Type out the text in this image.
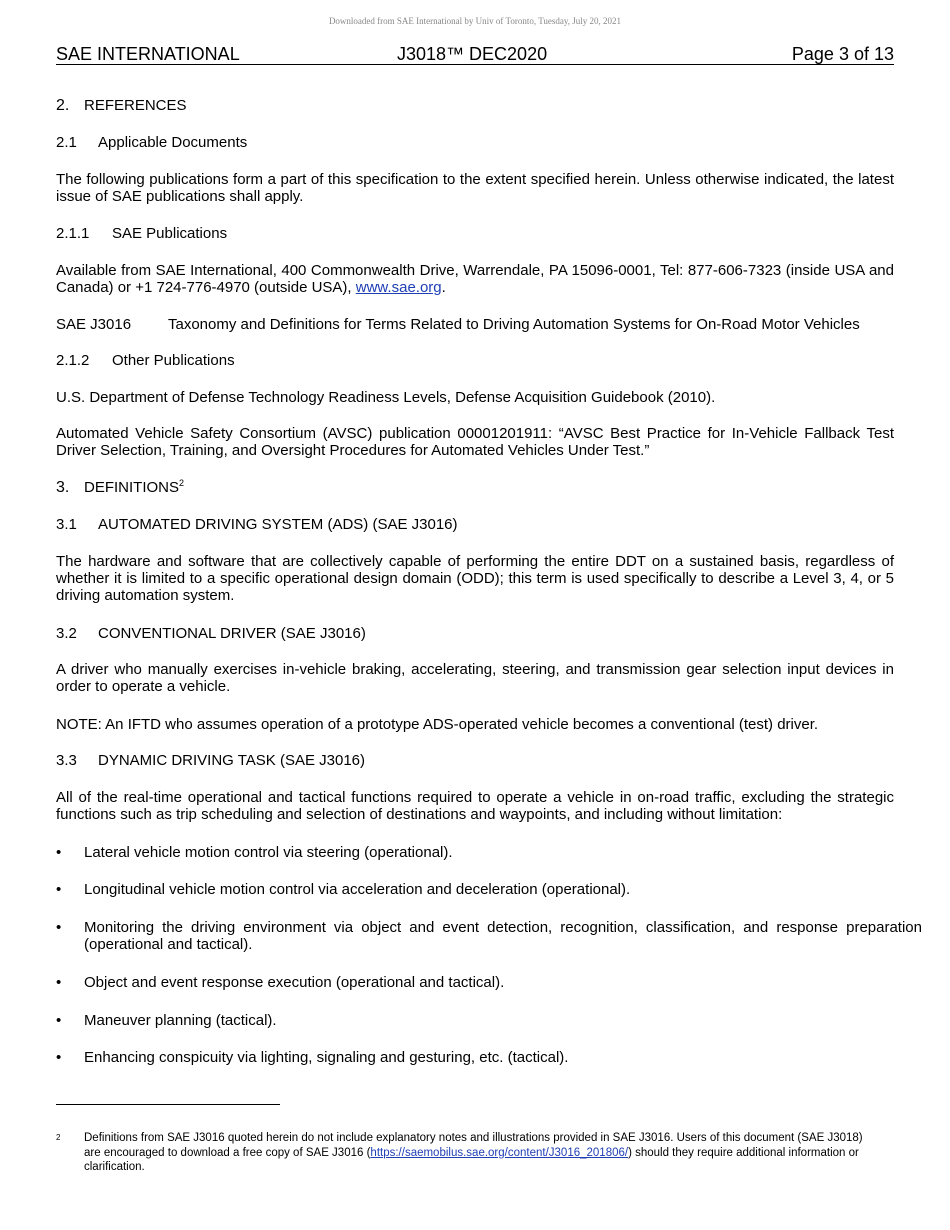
Downloaded from SAE International by Univ of Toronto, Tuesday, July 20, 2021
SAE INTERNATIONAL	J3018™ DEC2020	Page 3 of 13
2. REFERENCES
2.1 Applicable Documents
The following publications form a part of this specification to the extent specified herein. Unless otherwise indicated, the latest issue of SAE publications shall apply.
2.1.1 SAE Publications
Available from SAE International, 400 Commonwealth Drive, Warrendale, PA 15096-0001, Tel: 877-606-7323 (inside USA and Canada) or +1 724-776-4970 (outside USA), www.sae.org.
SAE J3016 Taxonomy and Definitions for Terms Related to Driving Automation Systems for On-Road Motor Vehicles
2.1.2 Other Publications
U.S. Department of Defense Technology Readiness Levels, Defense Acquisition Guidebook (2010).
Automated Vehicle Safety Consortium (AVSC) publication 00001201911: “AVSC Best Practice for In-Vehicle Fallback Test Driver Selection, Training, and Oversight Procedures for Automated Vehicles Under Test.”
3. DEFINITIONS$^2$
3.1 AUTOMATED DRIVING SYSTEM (ADS) (SAE J3016)
The hardware and software that are collectively capable of performing the entire DDT on a sustained basis, regardless of whether it is limited to a specific operational design domain (ODD); this term is used specifically to describe a Level 3, 4, or 5 driving automation system.
3.2 CONVENTIONAL DRIVER (SAE J3016)
A driver who manually exercises in-vehicle braking, accelerating, steering, and transmission gear selection input devices in order to operate a vehicle.
NOTE: An IFTD who assumes operation of a prototype ADS-operated vehicle becomes a conventional (test) driver.
3.3 DYNAMIC DRIVING TASK (SAE J3016)
All of the real-time operational and tactical functions required to operate a vehicle in on-road traffic, excluding the strategic functions such as trip scheduling and selection of destinations and waypoints, and including without limitation:
• Lateral vehicle motion control via steering (operational).
• Longitudinal vehicle motion control via acceleration and deceleration (operational).
• Monitoring the driving environment via object and event detection, recognition, classification, and response preparation (operational and tactical).
• Object and event response execution (operational and tactical).
• Maneuver planning (tactical).
• Enhancing conspicuity via lighting, signaling and gesturing, etc. (tactical).
2 Definitions from SAE J3016 quoted herein do not include explanatory notes and illustrations provided in SAE J3016. Users of this document (SAE J3018) are encouraged to download a free copy of SAE J3016 (https://saemobilus.sae.org/content/J3016_201806/) should they require additional information or clarification.
